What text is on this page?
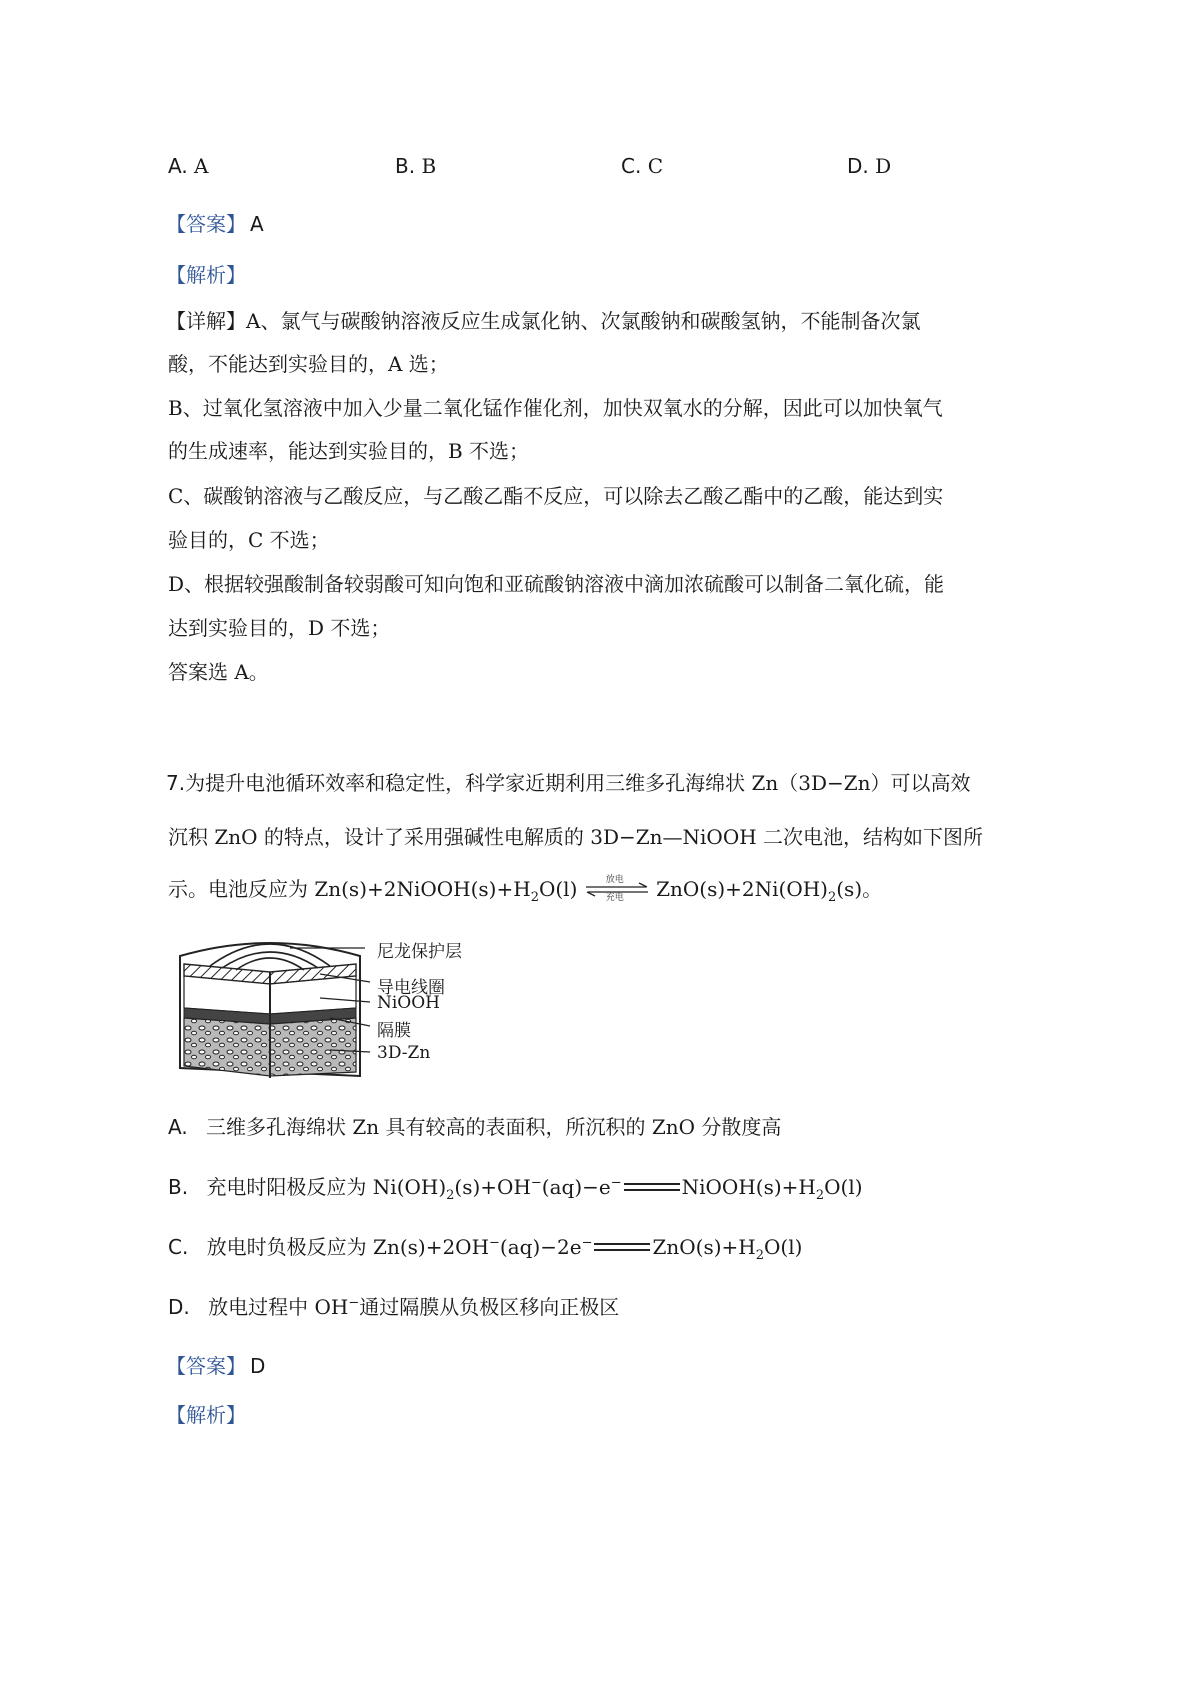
A. A	B. B	C. C	D. D
【答案】 A
【解析】
【详解】A、氯气与碳酸钠溶液反应生成氯化钠、次氯酸钠和碳酸氢钠，不能制备次氯
酸，不能达到实验目的，A 选；
B、过氧化氢溶液中加入少量二氧化锰作催化剂，加快双氧水的分解，因此可以加快氧气
的生成速率，能达到实验目的，B 不选；
C、碳酸钠溶液与乙酸反应，与乙酸乙酯不反应，可以除去乙酸乙酯中的乙酸，能达到实
验目的，C 不选；
D、根据较强酸制备较弱酸可知向饱和亚硫酸钠溶液中滴加浓硫酸可以制备二氧化硫，能
达到实验目的，D 不选；
答案选 A。
7.为提升电池循环效率和稳定性，科学家近期利用三维多孔海绵状 Zn（3D−Zn）可以高效
沉积 ZnO 的特点，设计了采用强碱性电解质的 3D−Zn—NiOOH 二次电池，结构如下图所
示。电池反应为 $Zn(s)+2NiOOH(s)+H_2O(l)$	放电
充电 $ZnO(s)+2Ni(OH)_2(s)$。
尼龙保护层
导电线圈
NiOOH
隔膜
3D-Zn
A. 三维多孔海绵状 Zn 具有较高的表面积，所沉积的 ZnO 分散度高
B. 充电时阳极反应为 $Ni(OH)_2(s)+OH^-(aq)-e^-$	$NiOOH(s)+H_2O(l)$
C. 放电时负极反应为 Zn(s)+2OH−(aq)−2e−	$ZnO(s)+H_2O(l)$
D. 放电过程中 OH−通过隔膜从负极区移向正极区
【答案】 D
【解析】
